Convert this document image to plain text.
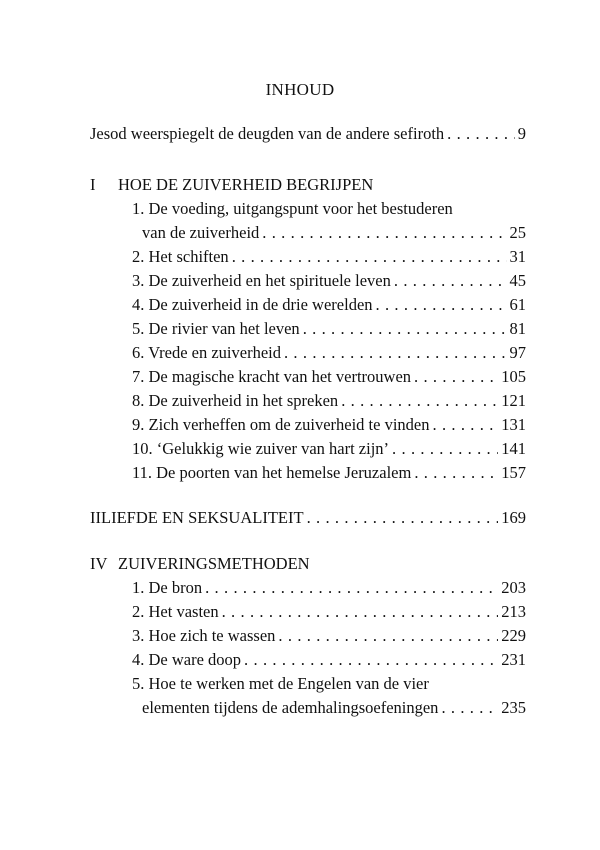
INHOUD
Jesod weerspiegelt de deugden van de andere sefiroth . . .	9
I	HOE DE ZUIVERHEID BEGRIJPEN
1. De voeding, uitgangspunt voor het bestuderen
van de zuiverheid . . .	25
2. Het schiften . . .	31
3. De zuiverheid en het spirituele leven . . .	45
4. De zuiverheid in de drie werelden . . .	61
5. De rivier van het leven . . .	81
6. Vrede en zuiverheid . . .	97
7. De magische kracht van het vertrouwen . . .	105
8. De zuiverheid in het spreken . . .	121
9. Zich verheffen om de zuiverheid te vinden . . .	131
10. ‘Gelukkig wie zuiver van hart zijn’ . . .	141
11. De poorten van het hemelse Jeruzalem . . .	157
II LIEFDE EN SEKSUALITEIT . . .	169
IV ZUIVERINGSMETHODEN
1. De bron . . .	203
2. Het vasten . . .	213
3. Hoe zich te wassen . . .	229
4. De ware doop . . .	231
5. Hoe te werken met de Engelen van de vier
elementen tijdens de ademhalingsoefeningen . . .	235
